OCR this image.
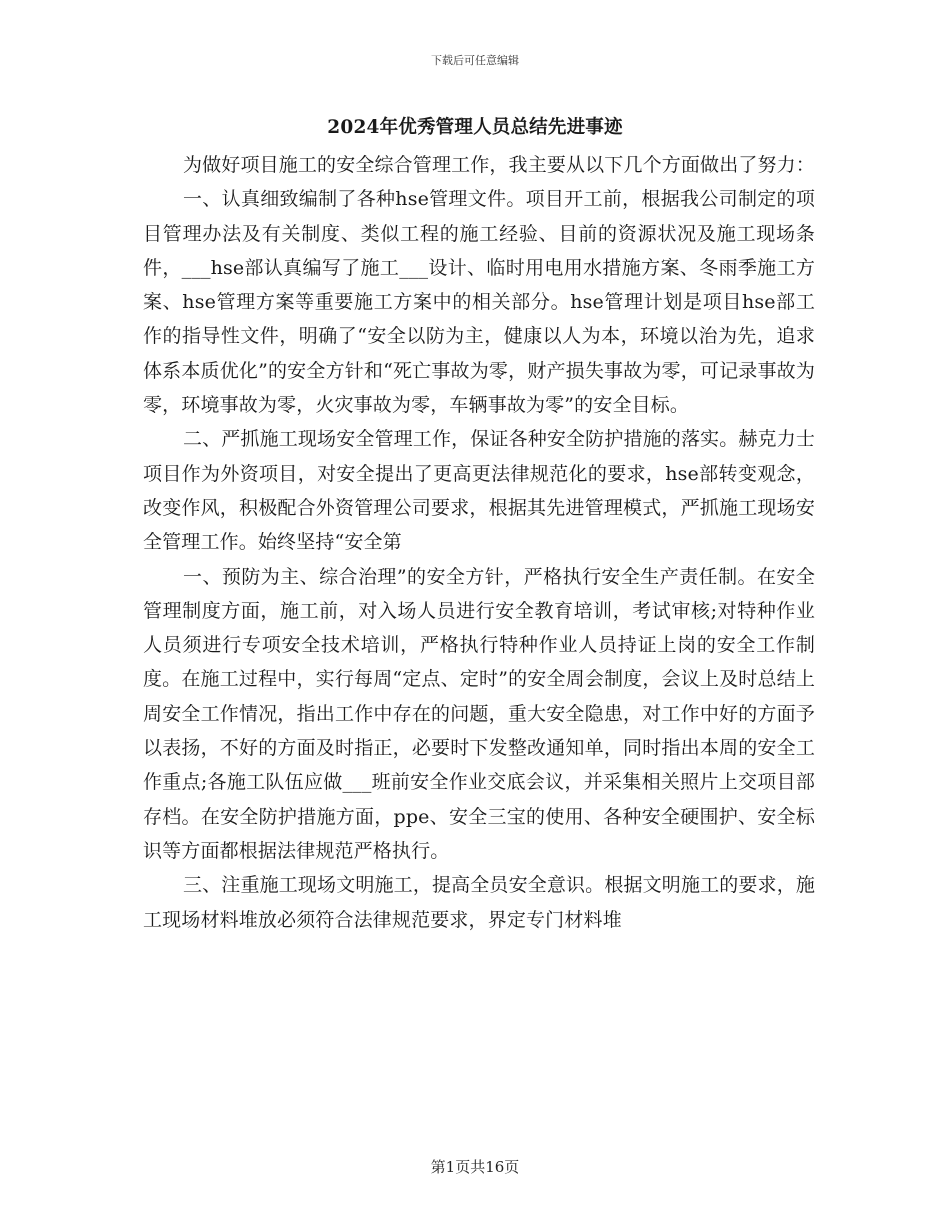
下载后可任意编辑
2024年优秀管理人员总结先进事迹

为做好项目施工的安全综合管理工作，我主要从以下几个方面做出了努力：

一、认真细致编制了各种hse管理文件。项目开工前，根据我公司制定的项目管理办法及有关制度、类似工程的施工经验、目前的资源状况及施工现场条件，___hse部认真编写了施工___设计、临时用电用水措施方案、冬雨季施工方案、hse管理方案等重要施工方案中的相关部分。hse管理计划是项目hse部工作的指导性文件，明确了“安全以防为主，健康以人为本，环境以治为先，追求体系本质优化”的安全方针和“死亡事故为零，财产损失事故为零，可记录事故为零，环境事故为零，火灾事故为零，车辆事故为零”的安全目标。

二、严抓施工现场安全管理工作，保证各种安全防护措施的落实。赫克力士项目作为外资项目，对安全提出了更高更法律规范化的要求，hse部转变观念，改变作风，积极配合外资管理公司要求，根据其先进管理模式，严抓施工现场安全管理工作。始终坚持“安全第

一、预防为主、综合治理”的安全方针，严格执行安全生产责任制。在安全管理制度方面，施工前，对入场人员进行安全教育培训，考试审核;对特种作业人员须进行专项安全技术培训，严格执行特种作业人员持证上岗的安全工作制度。在施工过程中，实行每周“定点、定时”的安全周会制度，会议上及时总结上周安全工作情况，指出工作中存在的问题，重大安全隐患，对工作中好的方面予以表扬，不好的方面及时指正，必要时下发整改通知单，同时指出本周的安全工作重点;各施工队伍应做___班前安全作业交底会议，并采集相关照片上交项目部存档。在安全防护措施方面，ppe、安全三宝的使用、各种安全硬围护、安全标识等方面都根据法律规范严格执行。

三、注重施工现场文明施工，提高全员安全意识。根据文明施工的要求，施工现场材料堆放必须符合法律规范要求，界定专门材料堆

第1页共16页
